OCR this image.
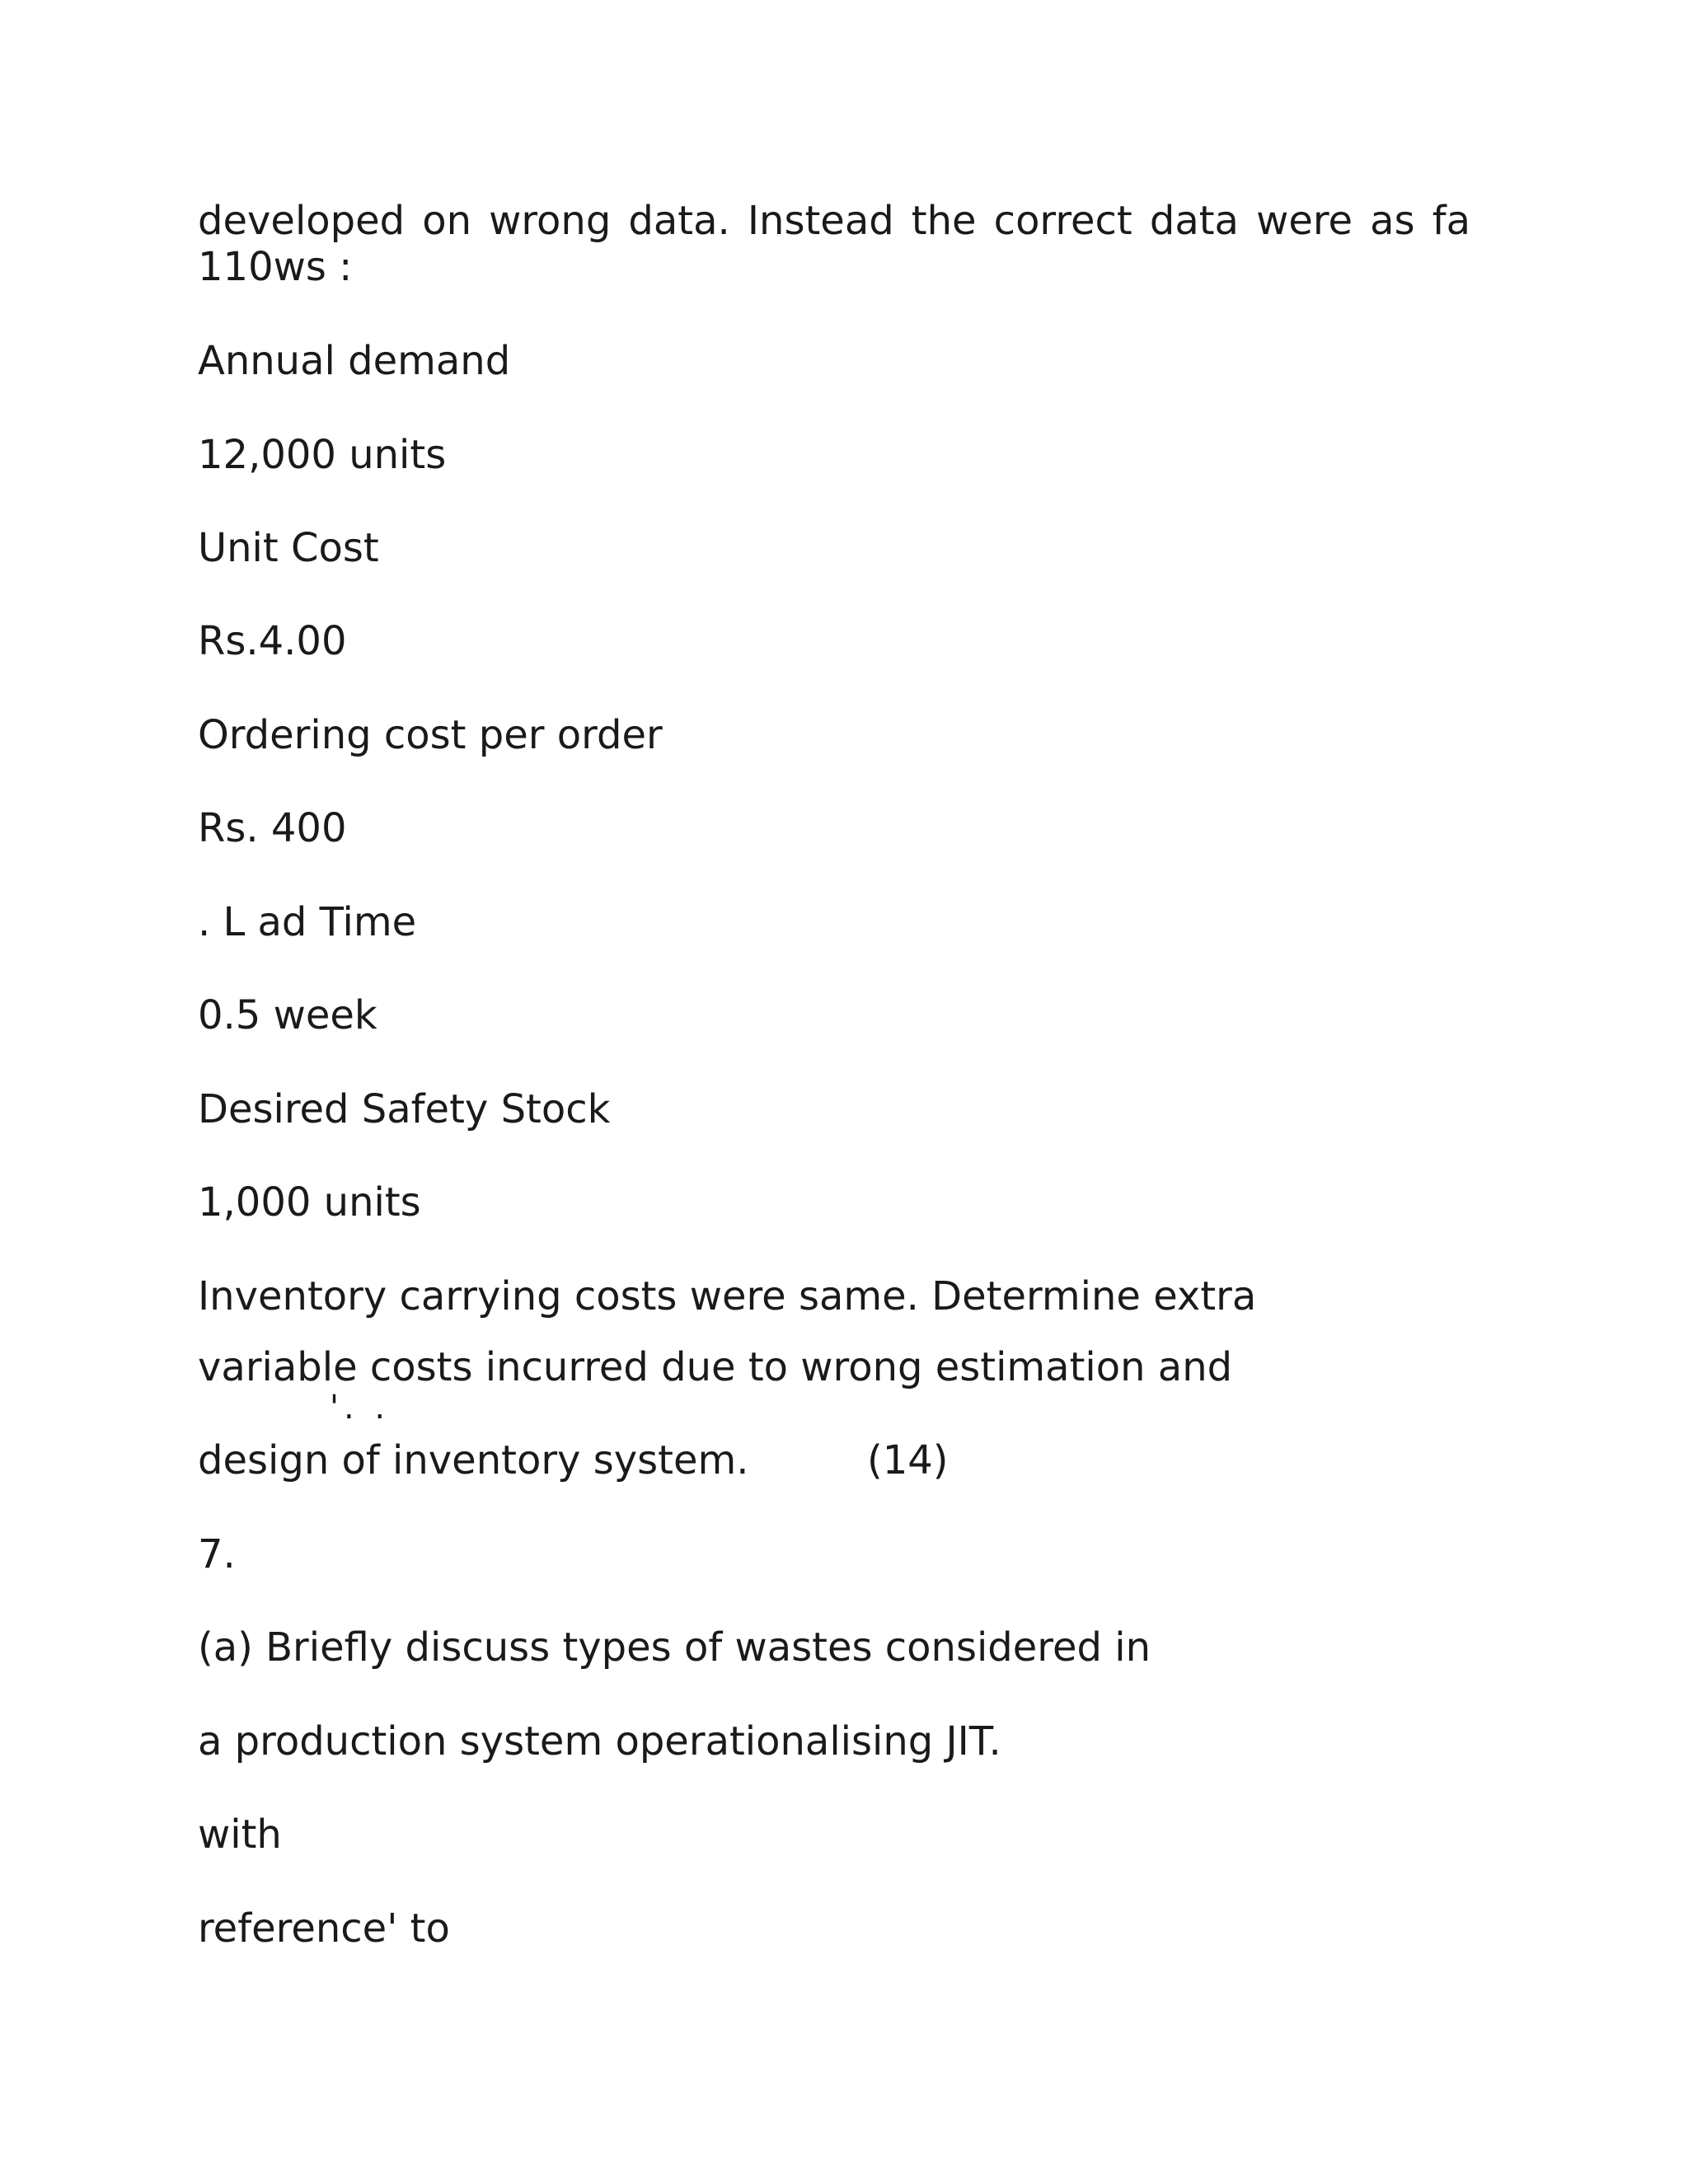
developed on wrong data. Instead the correct data were as fa
110ws :
Annual demand
12,000 units
Unit Cost
Rs.4.00
Ordering cost per order
Rs. 400
. L ad Time
0.5 week
Desired Safety Stock
1,000 units
Inventory carrying costs were same. Determine extra
variable costs incurred due to wrong estimation and
'. .
design of inventory system.	(14)
7.
(a) Briefly discuss types of wastes considered in
a production system operationalising JIT.
with
reference' to
